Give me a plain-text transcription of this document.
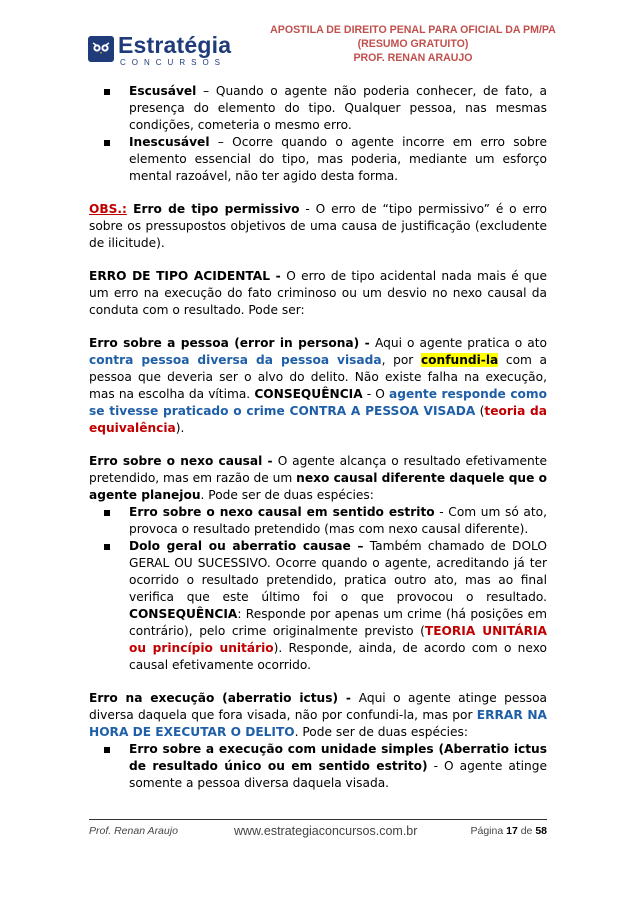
Estratégia
CONCURSOS
APOSTILA DE DIREITO PENAL PARA OFICIAL DA PM/PA
(RESUMO GRATUITO)
PROF. RENAN ARAUJO
Escusável – Quando o agente não poderia conhecer, de fato, a presença do elemento do tipo. Qualquer pessoa, nas mesmas condições, cometeria o mesmo erro.
Inescusável – Ocorre quando o agente incorre em erro sobre elemento essencial do tipo, mas poderia, mediante um esforço mental razoável, não ter agido desta forma.

OBS.: Erro de tipo permissivo - O erro de “tipo permissivo” é o erro sobre os pressupostos objetivos de uma causa de justificação (excludente de ilicitude).

ERRO DE TIPO ACIDENTAL - O erro de tipo acidental nada mais é que um erro na execução do fato criminoso ou um desvio no nexo causal da conduta com o resultado. Pode ser:

Erro sobre a pessoa (error in persona) - Aqui o agente pratica o ato contra pessoa diversa da pessoa visada, por confundi-la com a pessoa que deveria ser o alvo do delito. Não existe falha na execução, mas na escolha da vítima. CONSEQUÊNCIA - O agente responde como se tivesse praticado o crime CONTRA A PESSOA VISADA (teoria da equivalência).

Erro sobre o nexo causal - O agente alcança o resultado efetivamente pretendido, mas em razão de um nexo causal diferente daquele que o agente planejou. Pode ser de duas espécies:

Erro sobre o nexo causal em sentido estrito - Com um só ato, provoca o resultado pretendido (mas com nexo causal diferente).
Dolo geral ou aberratio causae – Também chamado de DOLO GERAL OU SUCESSIVO. Ocorre quando o agente, acreditando já ter ocorrido o resultado pretendido, pratica outro ato, mas ao final verifica que este último foi o que provocou o resultado. CONSEQUÊNCIA: Responde por apenas um crime (há posições em contrário), pelo crime originalmente previsto (TEORIA UNITÁRIA ou princípio unitário). Responde, ainda, de acordo com o nexo causal efetivamente ocorrido.

Erro na execução (aberratio ictus) - Aqui o agente atinge pessoa diversa daquela que fora visada, não por confundi-la, mas por ERRAR NA HORA DE EXECUTAR O DELITO. Pode ser de duas espécies:

Erro sobre a execução com unidade simples (Aberratio ictus de resultado único ou em sentido estrito) - O agente atinge somente a pessoa diversa daquela visada.
Prof. Renan Araujo	www.estrategiaconcursos.com.br	Página 17 de 58
